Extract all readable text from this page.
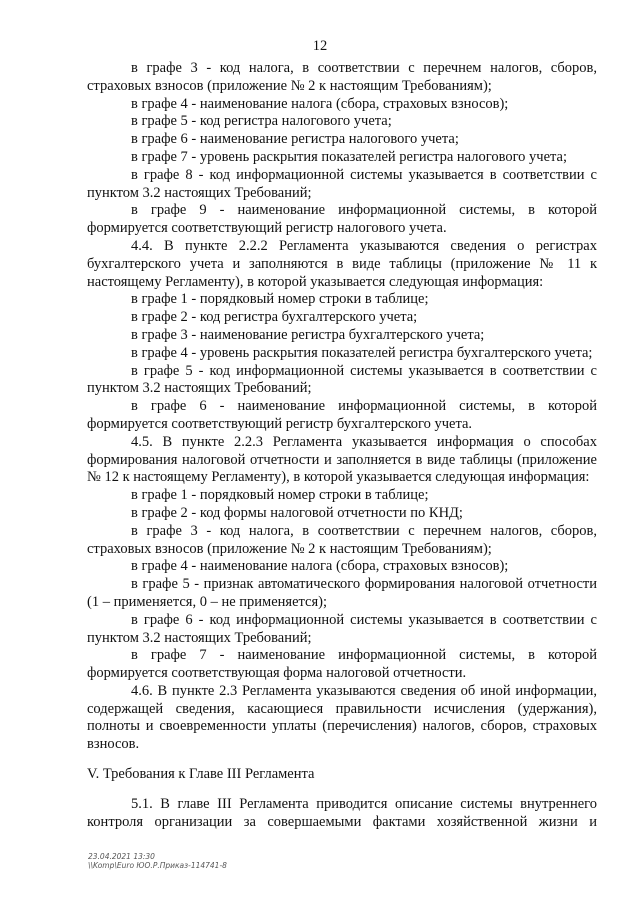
12

в графе 3 - код налога, в соответствии с перечнем налогов, сборов, страховых взносов (приложение № 2 к настоящим Требованиям);

в графе 4 - наименование налога (сбора, страховых взносов);

в графе 5 - код регистра налогового учета;

в графе 6 - наименование регистра налогового учета;

в графе 7 - уровень раскрытия показателей регистра налогового учета;

в графе 8 - код информационной системы указывается в соответствии с пунктом 3.2 настоящих Требований;

в графе 9 - наименование информационной системы, в которой формируется соответствующий регистр налогового учета.

4.4. В пункте 2.2.2 Регламента указываются сведения о регистрах бухгалтерского учета и заполняются в виде таблицы (приложение № 11 к настоящему Регламенту), в которой указывается следующая информация:

в графе 1 - порядковый номер строки в таблице;

в графе 2 - код регистра бухгалтерского учета;

в графе 3 - наименование регистра бухгалтерского учета;

в графе 4 - уровень раскрытия показателей регистра бухгалтерского учета;

в графе 5 - код информационной системы указывается в соответствии с пунктом 3.2 настоящих Требований;

в графе 6 - наименование информационной системы, в которой формируется соответствующий регистр бухгалтерского учета.

4.5. В пункте 2.2.3 Регламента указывается информация о способах формирования налоговой отчетности и заполняется в виде таблицы (приложение № 12 к настоящему Регламенту), в которой указывается следующая информация:

в графе 1 - порядковый номер строки в таблице;

в графе 2 - код формы налоговой отчетности по КНД;

в графе 3 - код налога, в соответствии с перечнем налогов, сборов, страховых взносов (приложение № 2 к настоящим Требованиям);

в графе 4 - наименование налога (сбора, страховых взносов);

в графе 5 - признак автоматического формирования налоговой отчетности (1 – применяется, 0 – не применяется);

в графе 6 - код информационной системы указывается в соответствии с пунктом 3.2 настоящих Требований;

в графе 7 - наименование информационной системы, в которой формируется соответствующая форма налоговой отчетности.

4.6. В пункте 2.3 Регламента указываются сведения об иной информации, содержащей сведения, касающиеся правильности исчисления (удержания), полноты и своевременности уплаты (перечисления) налогов, сборов, страховых взносов.

V. Требования к Главе III Регламента

5.1. В главе III Регламента приводится описание системы внутреннего контроля организации за совершаемыми фактами хозяйственной жизни и

23.04.2021 13:30
\\Komp\Euro ЮО.Р.Приказ-114741-8
